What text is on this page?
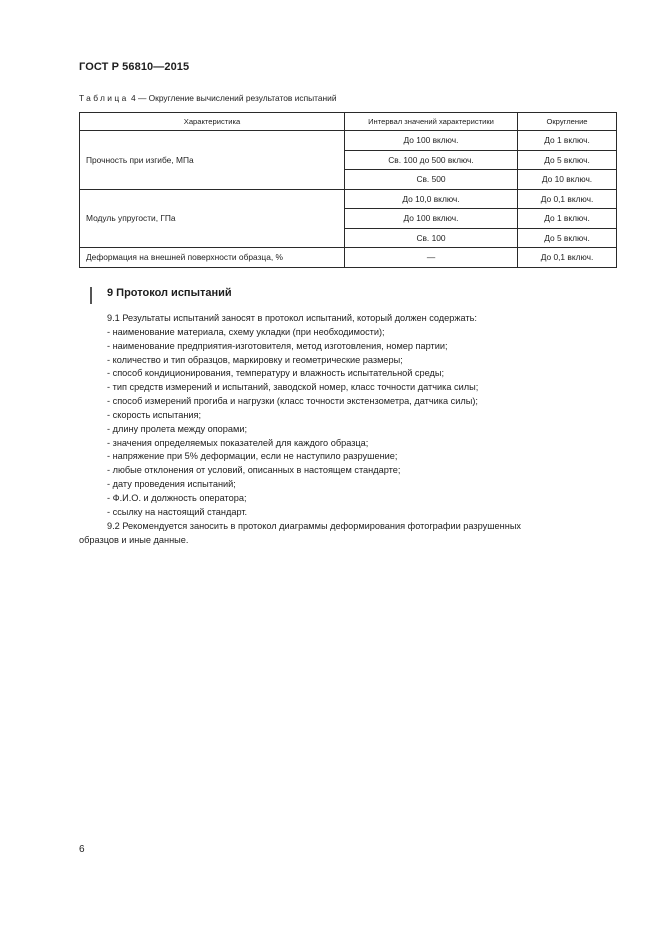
ГОСТ Р 56810—2015
Таблица 4 — Округление вычислений результатов испытаний
Характеристика	Интервал значений характеристики	Округление
Прочность при изгибе, МПа	До 100 включ.	До 1 включ.
	Св. 100 до 500 включ.	До 5 включ.
	Св. 500	До 10 включ.
Модуль упругости, ГПа	До 10,0 включ.	До 0,1 включ.
	До 100 включ.	До 1 включ.
	Св. 100	До 5 включ.
Деформация на внешней поверхности образца, %	—	До 0,1 включ.
9 Протокол испытаний

9.1 Результаты испытаний заносят в протокол испытаний, который должен содержать:

- наименование материала, схему укладки (при необходимости);

- наименование предприятия-изготовителя, метод изготовления, номер партии;

- количество и тип образцов, маркировку и геометрические размеры;

- способ кондиционирования, температуру и влажность испытательной среды;

- тип средств измерений и испытаний, заводской номер, класс точности датчика силы;

- способ измерений прогиба и нагрузки (класс точности экстензометра, датчика силы);

- скорость испытания;

- длину пролета между опорами;

- значения определяемых показателей для каждого образца;

- напряжение при 5% деформации, если не наступило разрушение;

- любые отклонения от условий, описанных в настоящем стандарте;

- дату проведения испытаний;

- Ф.И.О. и должность оператора;

- ссылку на настоящий стандарт.

9.2 Рекомендуется заносить в протокол диаграммы деформирования фотографии разрушенных

образцов и иные данные.

6
